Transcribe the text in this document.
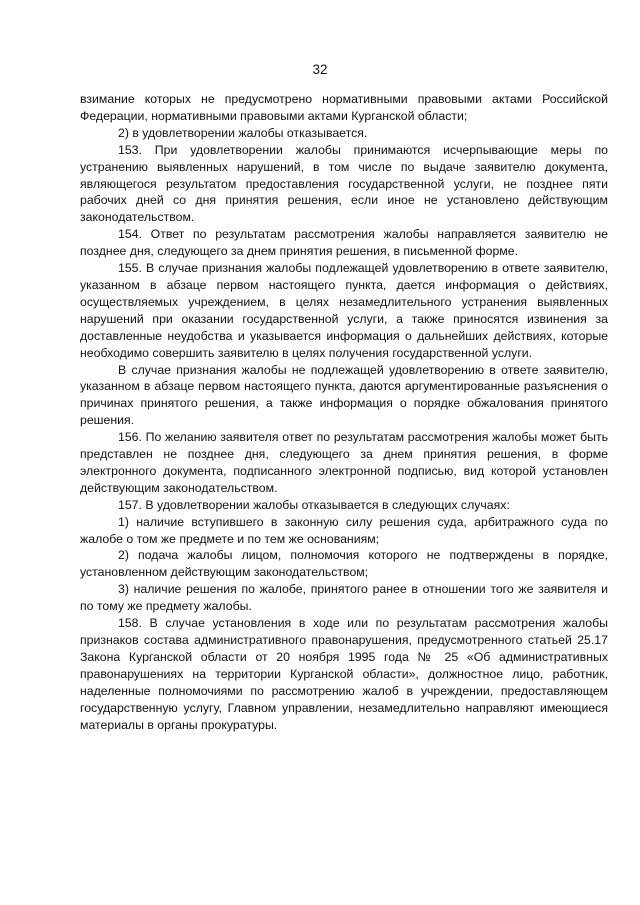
32

взимание которых не предусмотрено нормативными правовыми актами Российской Федерации, нормативными правовыми актами Курганской области;

2) в удовлетворении жалобы отказывается.

153. При удовлетворении жалобы принимаются исчерпывающие меры по устранению выявленных нарушений, в том числе по выдаче заявителю документа, являющегося результатом предоставления государственной услуги, не позднее пяти рабочих дней со дня принятия решения, если иное не установлено действующим законодательством.

154. Ответ по результатам рассмотрения жалобы направляется заявителю не позднее дня, следующего за днем принятия решения, в письменной форме.

155. В случае признания жалобы подлежащей удовлетворению в ответе заявителю, указанном в абзаце первом настоящего пункта, дается информация о действиях, осуществляемых учреждением, в целях незамедлительного устранения выявленных нарушений при оказании государственной услуги, а также приносятся извинения за доставленные неудобства и указывается информация о дальнейших действиях, которые необходимо совершить заявителю в целях получения государственной услуги.

В случае признания жалобы не подлежащей удовлетворению в ответе заявителю, указанном в абзаце первом настоящего пункта, даются аргументированные разъяснения о причинах принятого решения, а также информация о порядке обжалования принятого решения.

156. По желанию заявителя ответ по результатам рассмотрения жалобы может быть представлен не позднее дня, следующего за днем принятия решения, в форме электронного документа, подписанного электронной подписью, вид которой установлен действующим законодательством.

157. В удовлетворении жалобы отказывается в следующих случаях:

1) наличие вступившего в законную силу решения суда, арбитражного суда по жалобе о том же предмете и по тем же основаниям;

2) подача жалобы лицом, полномочия которого не подтверждены в порядке, установленном действующим законодательством;

3) наличие решения по жалобе, принятого ранее в отношении того же заявителя и по тому же предмету жалобы.

158. В случае установления в ходе или по результатам рассмотрения жалобы признаков состава административного правонарушения, предусмотренного статьей 25.17 Закона Курганской области от 20 ноября 1995 года № 25 «Об административных правонарушениях на территории Курганской области», должностное лицо, работник, наделенные полномочиями по рассмотрению жалоб в учреждении, предоставляющем государственную услугу, Главном управлении, незамедлительно направляют имеющиеся материалы в органы прокуратуры.
